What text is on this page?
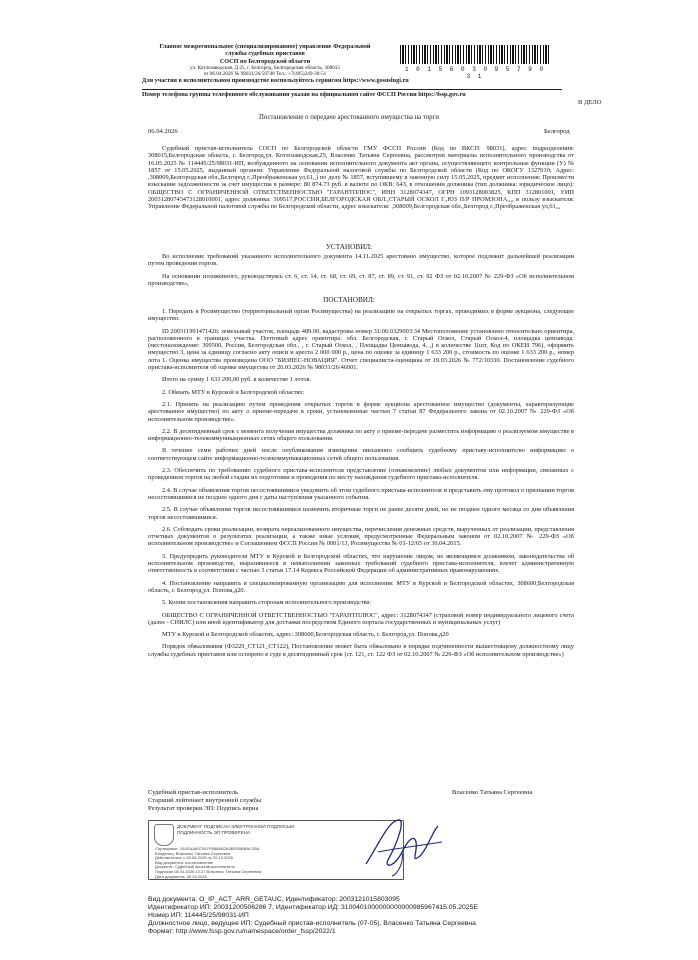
Главное межрегиональное (специализированное) управление Федеральной
службы судебных приставов
СОСП по Белгородской области
ул. Котлозаводская, Д 25, г. Белгород, Белгородская область, 308015
от 06.04.2026 № 98031/26/50748 Тел.: +7(495)249-30-51
1 0 1 5 6 0 3 0 9 5 7 9 0 3 1
Для участия в исполнительном производстве воспользуйтесь сервисом https://www.gosuslugi.ru
Номер телефона группы телефонного обслуживания указан на официальном сайте ФССП России https://fssp.gov.ru
В ДЕЛО
Постановление о передаче арестованного имущества на торги
06.04.2026	Белгород

Судебный пристав-исполнитель СОСП по Белгородской области ГМУ ФССП России (Код по ВКСП: 98031), адрес подразделения: 308015,Белгородская область, г. Белгород,ул. Котлозаводская,25, Власенко Татьяна Сергеевна, рассмотрев материалы исполнительного производства от 16.05.2025 № 114445/25/98031-ИП, возбужденного на основании исполнительного документа акт органа, осуществляющего контрольные функции (У) № 1857 от 15.05.2025, выданный органом: Управление Федеральной налоговой службы по Белгородской области (Код по ОКОГУ 1327010; Адрес: ,308009,Белгородская обл.,Белгород г.,Преображенская ул,61,,) по делу № 1857, вступившему в законную силу 15.05.2025, предмет исполнения: Произвести взыскание задолженности за счет имущества в размере: 80 874.73 руб. в валюте по ОКВ: 643, в отношении должника (тип должника: юридическое лицо): ОБЩЕСТВО С ОГРАНИЧЕННОЙ ОТВЕТСТВЕННОСТЬЮ "ГАРАНТПЛЮС", ИНН 3128074347, ОГРН 1093128003825, КПП 312801001, УИП 20031280743473128010001, адрес должника: 309517,РОССИЯ,БЕЛГОРОДСКАЯ ОБЛ.,СТАРЫЙ ОСКОЛ Г.,ЮЗ П/Р ПРОМЗОНА,,,, в пользу взыскателя: Управление Федеральной налоговой службы по Белгородской области, адрес взыскателя: ,308009,Белгородская обл.,Белгород г.,Преображенская ул,61,,,

УСТАНОВИЛ:

Во исполнение требований указанного исполнительного документа 14.11.2025 арестовано имущество, которое подлежит дальнейшей реализации путем проведения торгов.

На основании изложенного, руководствуясь ст. 6, ст. 14, ст. 68, ст. 69, ст. 87, ст. 89, ст. 91, ст. 92 ФЗ от 02.10.2007 № 229-ФЗ «Об исполнительном производстве»,

ПОСТАНОВИЛ:

1. Передать в Росимущество (территориальный орган Росимущества) на реализацию на открытых торгах, проводимых в форме аукциона, следующее имущество:

ID 200311991471426: земельный участок, площадь 489.00, кадастровы номер 31:06:0329003:34 Местоположение установлено относительно ориентира, расположенного в границах участка. Почтовый адрес ориентира: обл. Белгородская, г. Старый Оскол, Старый Оскол-4, площадка цемзавода. (местонахождение: 309500, Россия, Белгородская обл., , г. Старый Оскол, , Площадка Цемзавода, 4, ,) в количестве 1(шт, Код по ОКЕИ 796), оформить имущество 3, цена за единицу согласно акту описи и ареста 2 000 000 р., цена по оценке за единицу 1 633 200 р., стоимость по оценке 1 633 200 р., номер лота 1. Оценка имущества произведена ООО "БИЗНЕС-НОВАЦИЯ". Отчет специалиста-оценщика от 19.03.2026 № 772/10330. Постановление судебного пристава-исполнителя об оценке имущества от 20.03.2026 № 98031/26/46001.

Итого на сумму 1 633 200,00 руб. в количестве 1 лотов.

2. Обязать МТУ в Курской и Белгородской областях:

2.1. Принять на реализацию путем проведения открытых торгов в форме аукциона арестованное имущество (документы, характеризующие арестованное имущество) по акту о приеме-передаче в сроки, установленные частью 7 статьи 87 Федерального закона от 02.10.2007 № 229-ФЗ «Об исполнительном производстве».

2.2. В десятидневный срок с момента получения имущества должника по акту о приеме-передаче разместить информацию о реализуемом имуществе в информационно-телекоммуникационных сетях общего пользования.

В течение семи рабочих дней после опубликования извещения письменно сообщить судебному приставу-исполнителю информацию о соответствующем сайте информационно-телекоммуникационных сетей общего пользования.

2.3. Обеспечить по требованию судебного пристава-исполнителя представление (ознакомление) любых документов или информации, связанных с проведением торгов на любой стадии их подготовки и проведения по месту нахождения судебного пристава-исполнителя.

2.4. В случае объявления торгов несостоявшимися уведомить об этом судебного пристава-исполнителя и представить ему протокол о признании торгов несостоявшимися не позднее одного дня с даты наступления указанного события.

2.5. В случае объявления торгов несостоявшимися назначить вторичные торги не ранее десяти дней, но не позднее одного месяца со дня объявления торгов несостоявшимися.

2.6. Соблюдать сроки реализации, возврата нереализованного имущества, перечисления денежных средств, вырученных от реализации, представления отчетных документов о результатах реализации, а также иные условия, предусмотренные Федеральным законом от 02.10.2007 № 229-ФЗ «Об исполнительном производстве» и Соглашением ФССП России № 0001/13, Росимущества № 01-12/65 от 30.04.2015.

3. Предупредить руководителя МТУ в Курской и Белгородской областях, что нарушение лицом, не являющимся должником, законодательства об исполнительном производстве, выразившееся в невыполнении законных требований судебного пристава-исполнителя, влечет административную ответственность в соответствии с частью 3 статьи 17.14 Кодекса Российской Федерации об административных правонарушениях.

4. Постановление направить в специализированную организацию для исполнения: МТУ в Курской и Белгородской областях, 308600,Белгородская область, г. Белгород,ул. Попова,д20.

5. Копии постановления направить сторонам исполнительного производства:

ОБЩЕСТВО С ОГРАНИЧЕННОЙ ОТВЕТСТВЕННОСТЬЮ "ГАРАНТПЛЮС", адрес: 3128074347 (страховой номер индивидуального лицевого счета (далее - СНИЛС) или иной идентификатор для доставки посредством Единого портала государственных и муниципальных услуг)

МТУ в Курской и Белгородской областях, адрес: 308600,Белгородская область, г. Белгород,ул. Попова,д20

Порядок обжалования (Ф3229_СТ121_СТ122), Постановление может быть обжаловано в порядке подчиненности вышестоящему должностному лицу службы судебных приставов или оспорено в суде в десятидневный срок (ст. 121, ст. 122 ФЗ от 02.10.2007 № 229-ФЗ «Об исполнительном производстве»)

Судебный пристав-исполнитель
Старший лейтенант внутренней службы
Результат проверки ЭП: Подпись верна
Власенко Татьяна Сергеевна
ДОКУМЕНТ ПОДПИСАН ЭЛЕКТРОННОЙ ПОДПИСЬЮ
ПОДЛИННОСТЬ ЭП ПРОВЕРЕНА
Сертификат: 2A1EAAA07547F6B8AB2A0BE5ABBAC2BA
Владелец: Власенко Татьяна Сергеевна
Действителен: с 05.08.2025 по 29.10.2026
Вид документа: постановление
Документ: Судебный пристав-исполнитель
Подписан 06.04.2026 10:27 Власенко Татьяна Сергеевна
Дата документа: 06.04.2026
Вид документа: O_IP_ACT_ARR_GETAUC, Идентификатор: 2003121015803095
Идентификатор ИП: 20031200506286 7, Идентификатор ИД: 3100401000000000000985967415.05.2025E
Номер ИП: 114445/25/98031-ИП
Должностное лицо, ведущее ИП: Судебный пристав-исполнитель (07-05), Власенко Татьяна Сергеевна
Формат: http://www.fssp.gov.ru/namespace/order_fssp/2022/1
